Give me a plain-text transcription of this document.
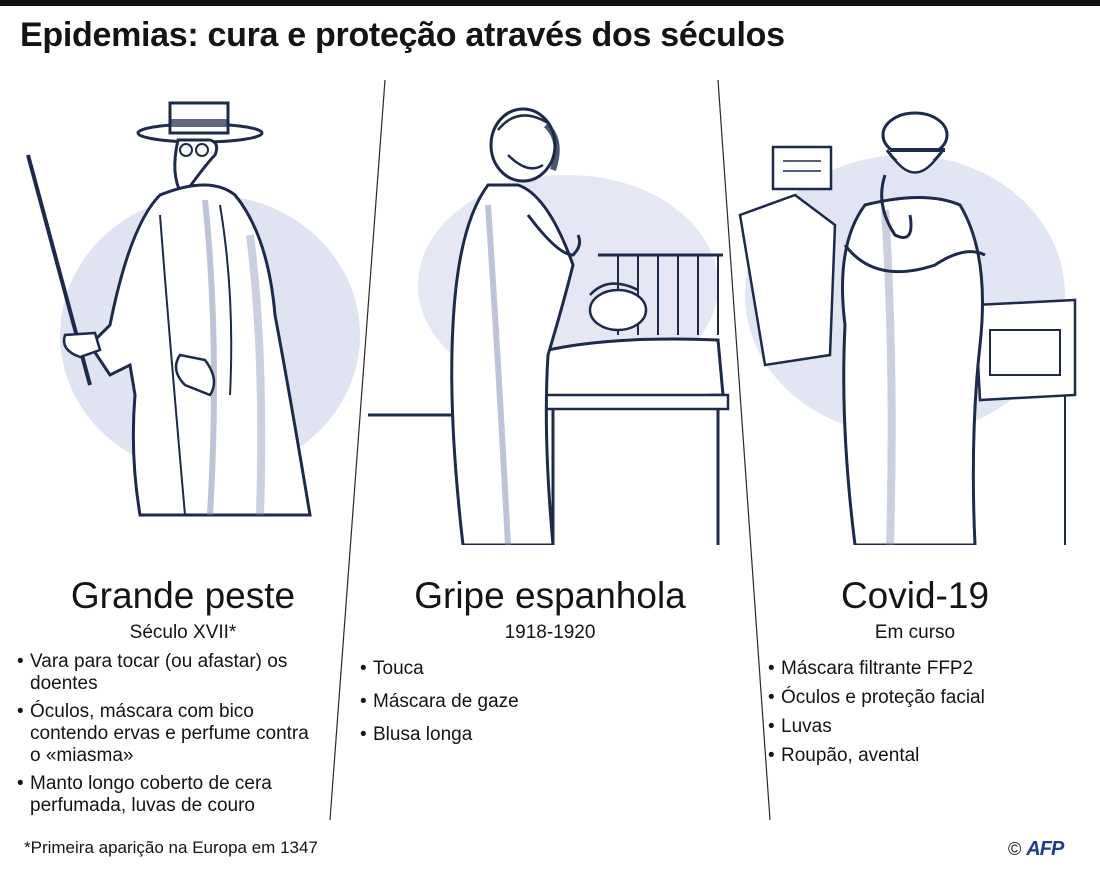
Epidemias: cura e proteção através dos séculos
Grande peste
Século XVII*
• Vara para tocar (ou afastar) os doentes
• Óculos, máscara com bico contendo ervas e perfume contra o «miasma»
• Manto longo coberto de cera perfumada, luvas de couro
Gripe espanhola
1918-1920
• Touca
• Máscara de gaze
• Blusa longa
Covid-19
Em curso
• Máscara filtrante FFP2
• Óculos e proteção facial
• Luvas
• Roupão, avental
*Primeira aparição na Europa em 1347	© AFP
